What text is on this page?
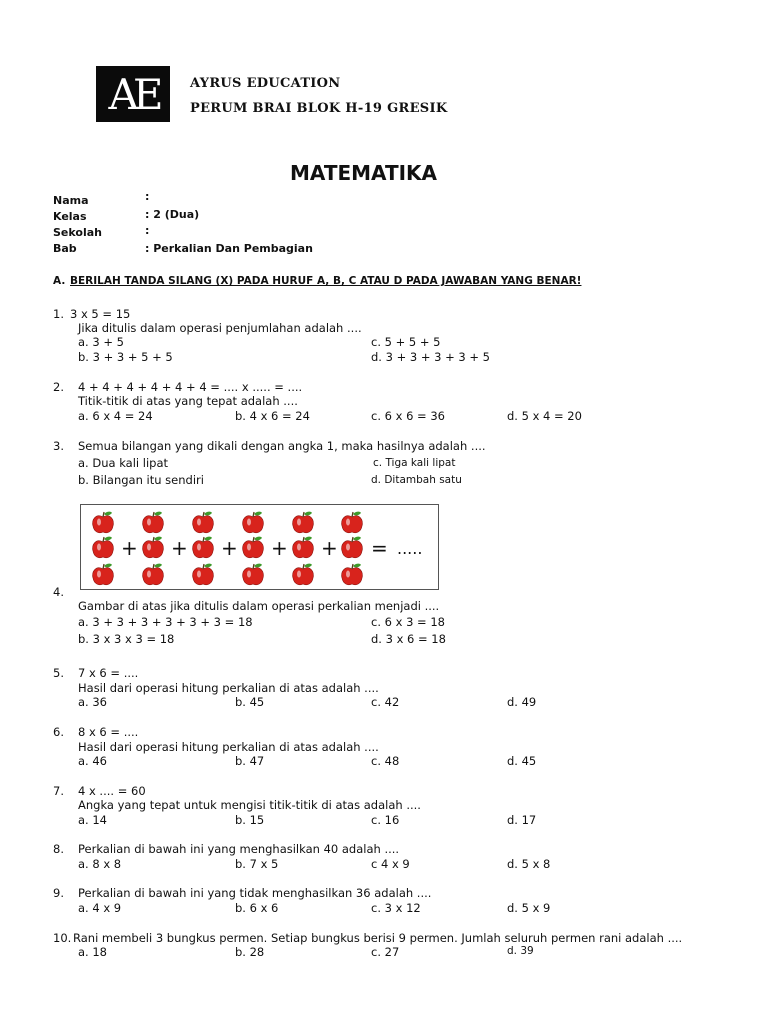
AE	AYRUS EDUCATION
PERUM BRAI BLOK H-19 GRESIK
MATEMATIKA
Nama	:
Kelas	: 2 (Dua)
Sekolah	:
Bab	: Perkalian Dan Pembagian
A. BERILAH TANDA SILANG (X) PADA HURUF A, B, C ATAU D PADA JAWABAN YANG BENAR!
1. 3 x 5 = 15
Jika ditulis dalam operasi penjumlahan adalah ....
a. 3 + 5	c. 5 + 5 + 5
b. 3 + 3 + 5 + 5	d. 3 + 3 + 3 + 3 + 5
2. 4 + 4 + 4 + 4 + 4 + 4 = .... x ..... = ....
Titik-titik di atas yang tepat adalah ....
a. 6 x 4 = 24	b. 4 x 6 = 24	c. 6 x 6 = 36	d. 5 x 4 = 20
3. Semua bilangan yang dikali dengan angka 1, maka hasilnya adalah ....
a. Dua kali lipat	c. Tiga kali lipat
b. Bilangan itu sendiri	d. Ditambah satu
= .....
+ + + + +
4.
Gambar di atas jika ditulis dalam operasi perkalian menjadi ....
a. 3 + 3 + 3 + 3 + 3 + 3 = 18	c. 6 x 3 = 18
b. 3 x 3 x 3 = 18	d. 3 x 6 = 18
5. 7 x 6 = ....
Hasil dari operasi hitung perkalian di atas adalah ....
a. 36	b. 45	c. 42	d. 49
6. 8 x 6 = ....
Hasil dari operasi hitung perkalian di atas adalah ....
a. 46	b. 47	c. 48	d. 45
7. 4 x .... = 60
Angka yang tepat untuk mengisi titik-titik di atas adalah ....
a. 14	b. 15	c. 16	d. 17
8. Perkalian di bawah ini yang menghasilkan 40 adalah ....
a. 8 x 8	b. 7 x 5	c 4 x 9	d. 5 x 8
9. Perkalian di bawah ini yang tidak menghasilkan 36 adalah ....
a. 4 x 9	b. 6 x 6	c. 3 x 12	d. 5 x 9
10. Rani membeli 3 bungkus permen. Setiap bungkus berisi 9 permen. Jumlah seluruh permen rani adalah ....
a. 18	b. 28	c. 27	d. 39
